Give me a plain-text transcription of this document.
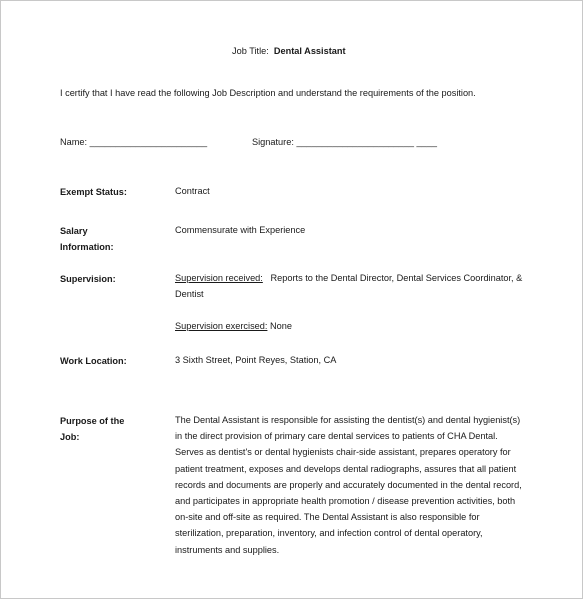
Job Title: Dental Assistant
I certify that I have read the following Job Description and understand the requirements of the position.
Name: _______________________	Signature: _______________________ ____
Exempt Status:	Contract
Salary
Information:
Commensurate with Experience
Supervision:	Supervision received: Reports to the Dental Director, Dental Services Coordinator, &
Dentist
Supervision exercised: None
Work Location:	3 Sixth Street, Point Reyes, Station, CA
Purpose of the
Job:
The Dental Assistant is responsible for assisting the dentist(s) and dental hygienist(s)
in the direct provision of primary care dental services to patients of CHA Dental.
Serves as dentist's or dental hygienists chair-side assistant, prepares operatory for
patient treatment, exposes and develops dental radiographs, assures that all patient
records and documents are properly and accurately documented in the dental record,
and participates in appropriate health promotion / disease prevention activities, both
on-site and off-site as required. The Dental Assistant is also responsible for
sterilization, preparation, inventory, and infection control of dental operatory,
instruments and supplies.
